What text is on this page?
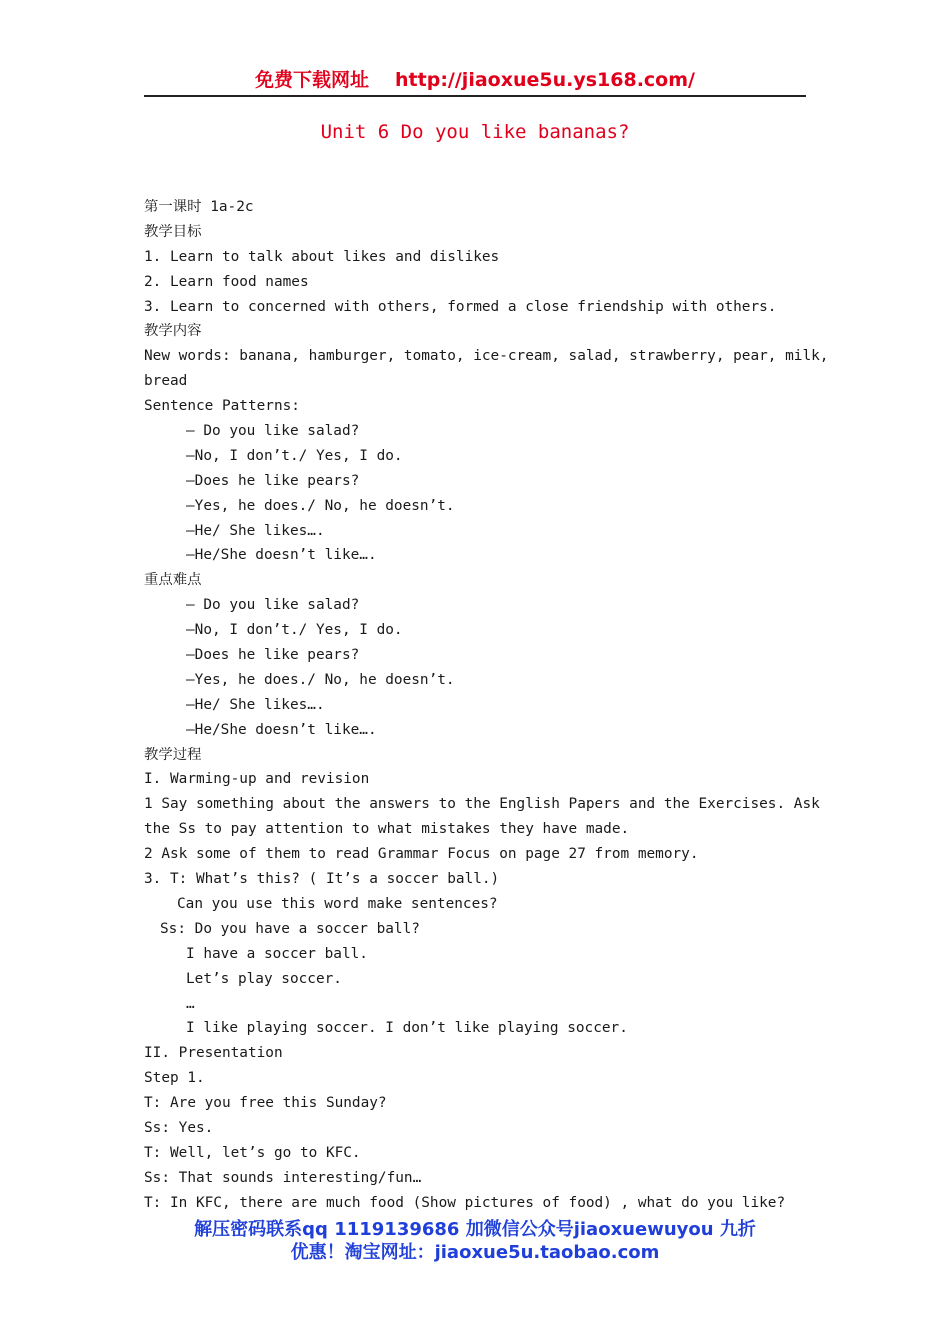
免费下载网址 http://jiaoxue5u.ys168.com/
Unit 6 Do you like bananas?
第一课时 1a-2c
教学目标
1. Learn to talk about likes and dislikes
2. Learn food names
3. Learn to concerned with others, formed a close friendship with others.
教学内容
New words: banana, hamburger, tomato, ice-cream, salad, strawberry, pear, milk,
bread
Sentence Patterns:
— Do you like salad?
—No, I don’t./ Yes, I do.
—Does he like pears?
—Yes, he does./ No, he doesn’t.
—He/ She likes….
—He/She doesn’t like….
重点难点
— Do you like salad?
—No, I don’t./ Yes, I do.
—Does he like pears?
—Yes, he does./ No, he doesn’t.
—He/ She likes….
—He/She doesn’t like….
教学过程
I. Warming-up and revision
1 Say something about the answers to the English Papers and the Exercises. Ask
the Ss to pay attention to what mistakes they have made.
2 Ask some of them to read Grammar Focus on page 27 from memory.
3. T: What’s this? ( It’s a soccer ball.)
Can you use this word make sentences?
Ss: Do you have a soccer ball?
I have a soccer ball.
Let’s play soccer.
…
I like playing soccer. I don’t like playing soccer.
II. Presentation
Step 1.
T: Are you free this Sunday?
Ss: Yes.
T: Well, let’s go to KFC.
Ss: That sounds interesting/fun…
T: In KFC, there are much food (Show pictures of food) , what do you like?
解压密码联系qq 1119139686 加微信公众号jiaoxuewuyou 九折
优惠！淘宝网址：jiaoxue5u.taobao.com
